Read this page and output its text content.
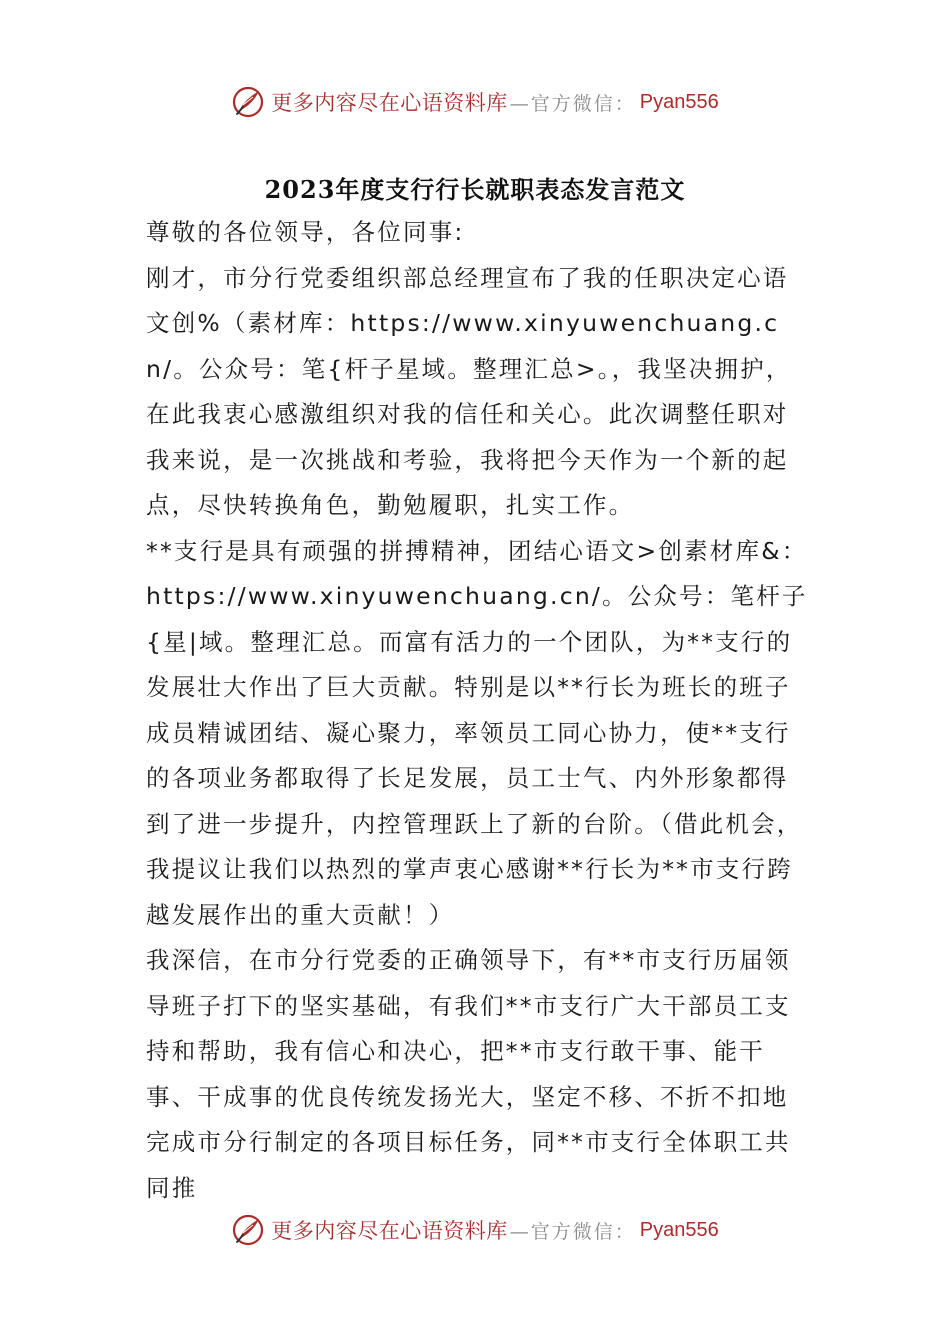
更多内容尽在心语资料库 —官方微信： Pyan556
2023年度支行行长就职表态发言范文

尊敬的各位领导，各位同事:

刚才，市分行党委组织部总经理宣布了我的任职决定心语文创%（素材库：https://www.xinyuwenchuang.cn/。公众号：笔{杆子星域。整理汇总>。，我坚决拥护，在此我衷心感激组织对我的信任和关心。此次调整任职对我来说，是一次挑战和考验，我将把今天作为一个新的起点，尽快转换角色，勤勉履职，扎实工作。

**支行是具有顽强的拼搏精神，团结心语文>创素材库&：https://www.xinyuwenchuang.cn/。公众号：笔杆子{星|域。整理汇总。而富有活力的一个团队，为**支行的发展壮大作出了巨大贡献。特别是以**行长为班长的班子成员精诚团结、凝心聚力，率领员工同心协力，使**支行的各项业务都取得了长足发展，员工士气、内外形象都得到了进一步提升，内控管理跃上了新的台阶。（借此机会，我提议让我们以热烈的掌声衷心感谢**行长为**市支行跨越发展作出的重大贡献！）

我深信，在市分行党委的正确领导下，有**市支行历届领导班子打下的坚实基础，有我们**市支行广大干部员工支持和帮助，我有信心和决心，把**市支行敢干事、能干事、干成事的优良传统发扬光大，坚定不移、不折不扣地完成市分行制定的各项目标任务，同**市支行全体职工共同推

更多内容尽在心语资料库 —官方微信： Pyan556
